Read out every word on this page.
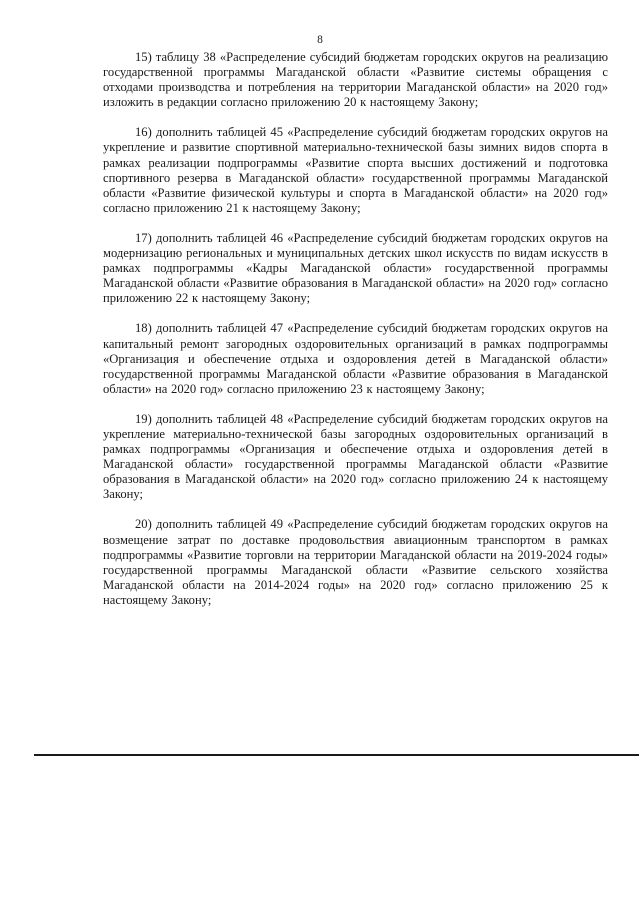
8

15) таблицу 38 «Распределение субсидий бюджетам городских округов на реализацию государственной программы Магаданской области «Развитие системы обращения с отходами производства и потребления на территории Магаданской области» на 2020 год» изложить в редакции согласно приложению 20 к настоящему Закону;

16) дополнить таблицей 45 «Распределение субсидий бюджетам городских округов на укрепление и развитие спортивной материально-технической базы зимних видов спорта в рамках реализации подпрограммы «Развитие спорта высших достижений и подготовка спортивного резерва в Магаданской области» государственной программы Магаданской области «Развитие физической культуры и спорта в Магаданской области» на 2020 год» согласно приложению 21 к настоящему Закону;

17) дополнить таблицей 46 «Распределение субсидий бюджетам городских округов на модернизацию региональных и муниципальных детских школ искусств по видам искусств в рамках подпрограммы «Кадры Магаданской области» государственной программы Магаданской области «Развитие образования в Магаданской области» на 2020 год» согласно приложению 22 к настоящему Закону;

18) дополнить таблицей 47 «Распределение субсидий бюджетам городских округов на капитальный ремонт загородных оздоровительных организаций в рамках подпрограммы «Организация и обеспечение отдыха и оздоровления детей в Магаданской области» государственной программы Магаданской области «Развитие образования в Магаданской области» на 2020 год» согласно приложению 23 к настоящему Закону;

19) дополнить таблицей 48 «Распределение субсидий бюджетам городских округов на укрепление материально-технической базы загородных оздоровительных организаций в рамках подпрограммы «Организация и обеспечение отдыха и оздоровления детей в Магаданской области» государственной программы Магаданской области «Развитие образования в Магаданской области» на 2020 год» согласно приложению 24 к настоящему Закону;

20) дополнить таблицей 49 «Распределение субсидий бюджетам городских округов на возмещение затрат по доставке продовольствия авиационным транспортом в рамках подпрограммы «Развитие торговли на территории Магаданской области на 2019-2024 годы» государственной программы Магаданской области «Развитие сельского хозяйства Магаданской области на 2014-2024 годы» на 2020 год» согласно приложению 25 к настоящему Закону;
